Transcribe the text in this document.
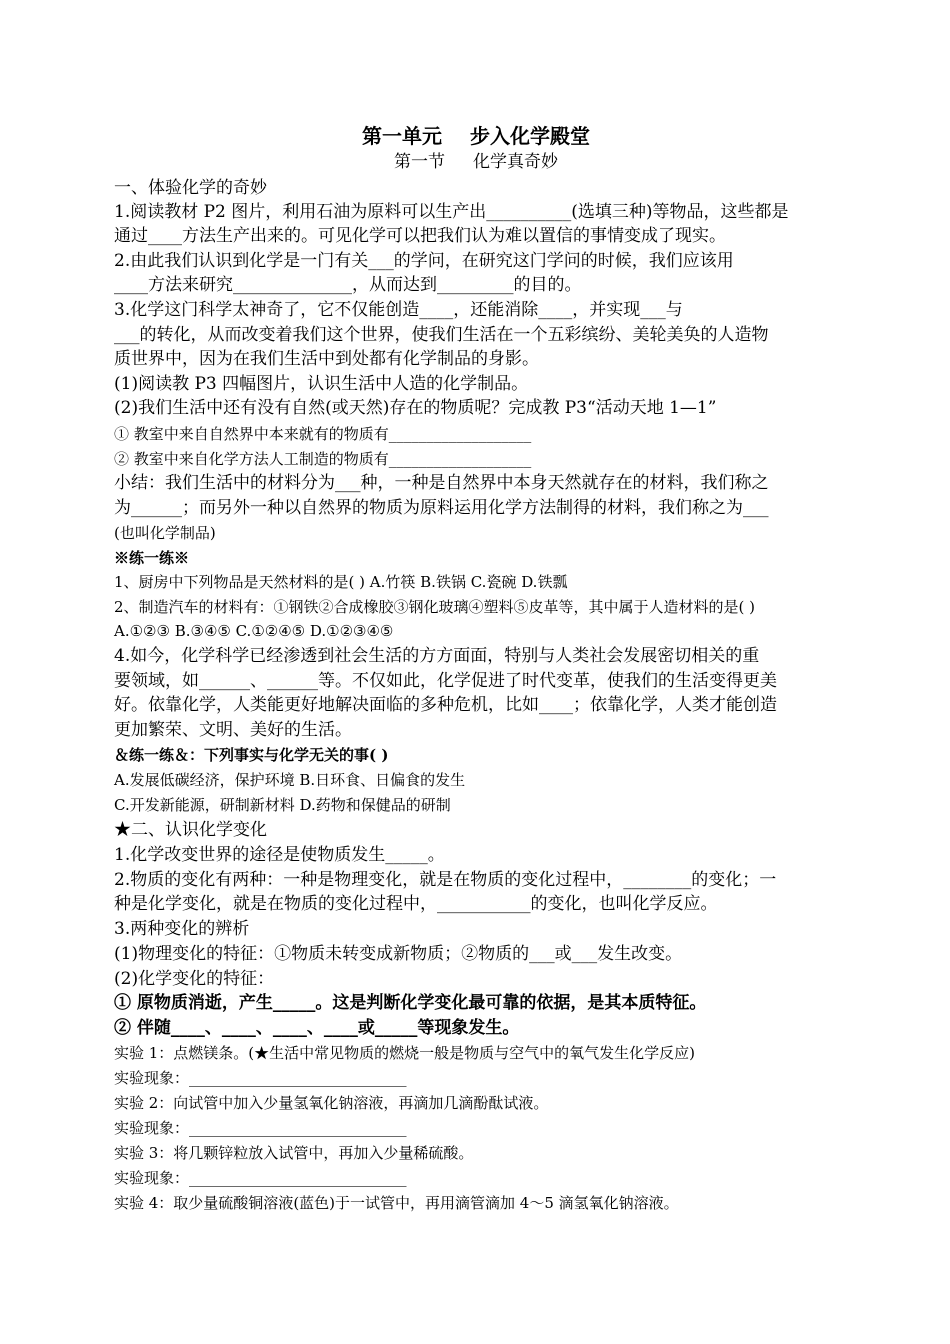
第一单元 步入化学殿堂
第一节 化学真奇妙
一、体验化学的奇妙
1.阅读教材 P2 图片，利用石油为原料可以生产出__________(选填三种)等物品，这些都是
通过____方法生产出来的。可见化学可以把我们认为难以置信的事情变成了现实。
2.由此我们认识到化学是一门有关___的学问，在研究这门学问的时候，我们应该用
____方法来研究______________，从而达到_________的目的。
3.化学这门科学太神奇了，它不仅能创造____，还能消除____，并实现___与
___的转化，从而改变着我们这个世界，使我们生活在一个五彩缤纷、美轮美奂的人造物
质世界中，因为在我们生活中到处都有化学制品的身影。
(1)阅读教 P3 四幅图片，认识生活中人造的化学制品。
(2)我们生活中还有没有自然(或天然)存在的物质呢？完成教 P3“活动天地 1—1”
① 教室中来自自然界中本来就有的物质有___________________
② 教室中来自化学方法人工制造的物质有___________________
小结：我们生活中的材料分为___种，一种是自然界中本身天然就存在的材料，我们称之
为______；而另外一种以自然界的物质为原料运用化学方法制得的材料，我们称之为___
(也叫化学制品)
※练一练※
1、厨房中下列物品是天然材料的是( ) A.竹筷 B.铁锅 C.瓷碗 D.铁瓢
2、制造汽车的材料有：①钢铁②合成橡胶③钢化玻璃④塑料⑤皮革等，其中属于人造材料的是( )
A.①②③ B.③④⑤ C.①②④⑤ D.①②③④⑤
4.如今，化学科学已经渗透到社会生活的方方面面，特别与人类社会发展密切相关的重
要领域，如______、______等。不仅如此，化学促进了时代变革，使我们的生活变得更美
好。依靠化学，人类能更好地解决面临的多种危机，比如____；依靠化学，人类才能创造
更加繁荣、文明、美好的生活。
＆练一练＆：下列事实与化学无关的事( )
A.发展低碳经济，保护环境 B.日环食、日偏食的发生
C.开发新能源，研制新材料 D.药物和保健品的研制
★二、认识化学变化
1.化学改变世界的途径是使物质发生_____。
2.物质的变化有两种：一种是物理变化，就是在物质的变化过程中，________的变化；一
种是化学变化，就是在物质的变化过程中，___________的变化，也叫化学反应。
3.两种变化的辨析
(1)物理变化的特征：①物质未转变成新物质；②物质的___或___发生改变。
(2)化学变化的特征：
① 原物质消逝，产生_____。这是判断化学变化最可靠的依据，是其本质特征。
② 伴随____、____、____、____或_____等现象发生。
实验 1：点燃镁条。(★生活中常见物质的燃烧一般是物质与空气中的氧气发生化学反应)
实验现象：_____________________________
实验 2：向试管中加入少量氢氧化钠溶液，再滴加几滴酚酞试液。
实验现象：_____________________________
实验 3：将几颗锌粒放入试管中，再加入少量稀硫酸。
实验现象：_____________________________
实验 4：取少量硫酸铜溶液(蓝色)于一试管中，再用滴管滴加 4～5 滴氢氧化钠溶液。
